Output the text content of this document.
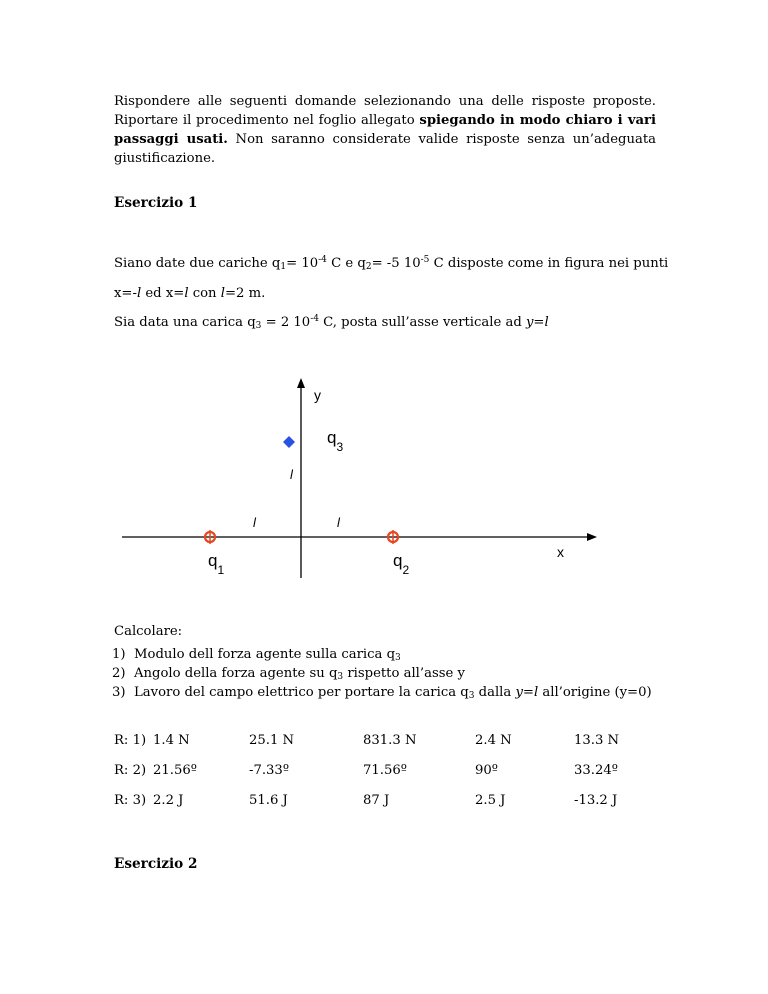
Rispondere alle seguenti domande selezionando una delle risposte proposte. Riportare il procedimento nel foglio allegato spiegando in modo chiaro i vari passaggi usati. Non saranno considerate valide risposte senza un’adeguata giustificazione.

Esercizio 1
Siano date due cariche $q_1= 10^{-4}$ C e $q_2= -5$ $10^{-5}$ C disposte come in figura nei punti
x=-l ed x=l con l=2 m.
Sia data una carica $q_3 = 2$ $10^{-4}$ C, posta sull’asse verticale ad y=l
y
x
$q_3$
l
l	l
$q_1$	$q_2$
Calcolare:
1) Modulo dell forza agente sulla carica $q_3$
2) Angolo della forza agente su $q_3$ rispetto all’asse y
3) Lavoro del campo elettrico per portare la carica $q_3$ dalla y=l all’origine (y=0)
R: 1) 1.4 N	25.1 N	831.3 N	2.4 N	13.3 N
R: 2) 21.56º	-7.33º	71.56º	90º	33.24º
R: 3) 2.2 J	51.6 J	87 J	2.5 J	-13.2 J
Esercizio 2
